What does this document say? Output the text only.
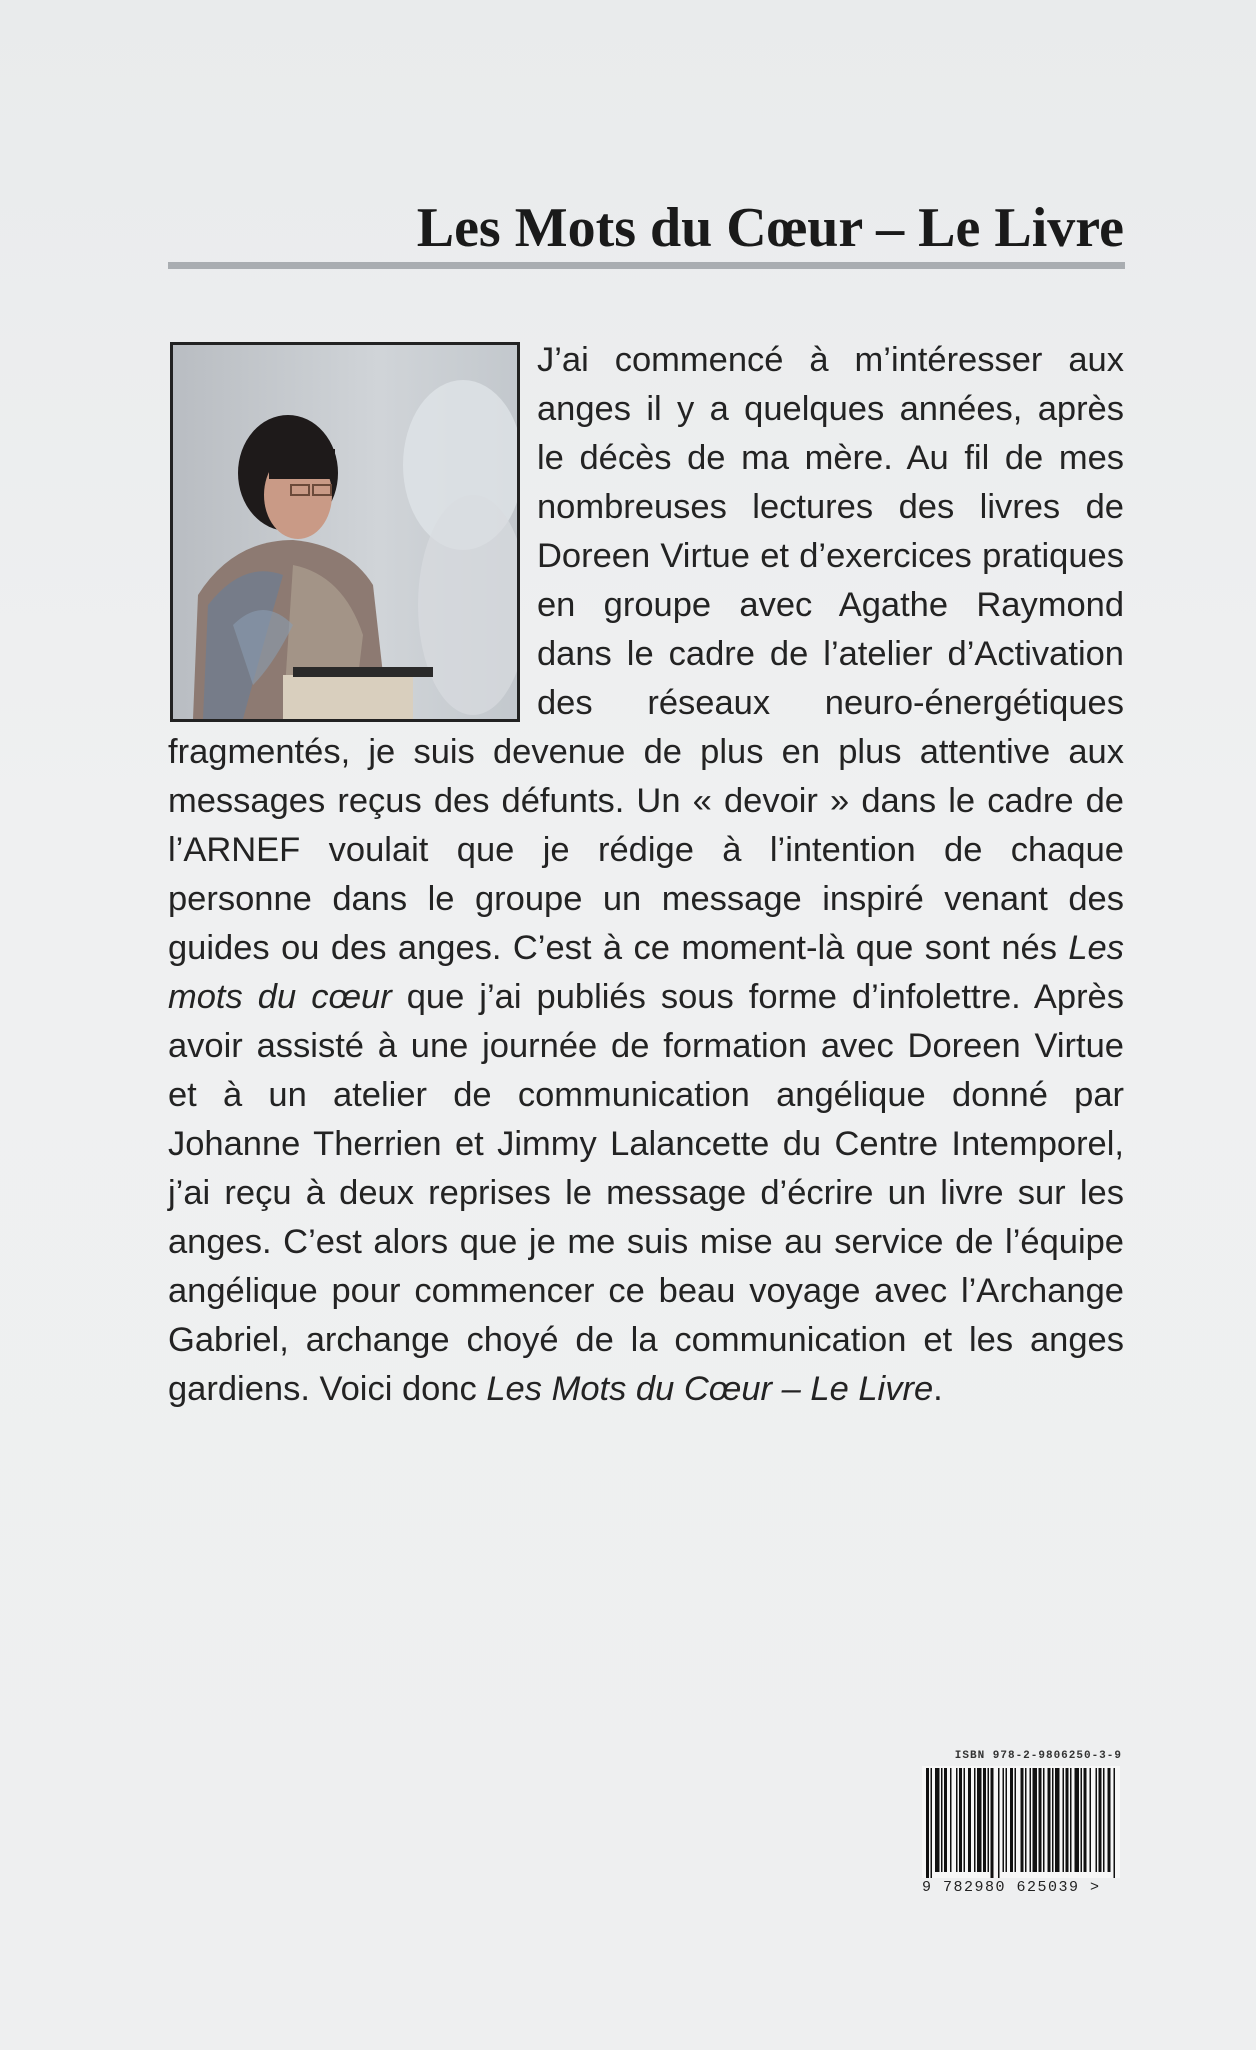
Les Mots du Cœur – Le Livre

J’ai commencé à m’intéresser aux anges il y a quelques années, après le décès de ma mère. Au fil de mes nombreuses lectures des livres de Doreen Virtue et d’exercices pratiques en groupe avec Agathe Raymond dans le cadre de l’atelier d’Activation des réseaux neuro-énergétiques fragmentés, je suis devenue de plus en plus attentive aux messages reçus des défunts. Un « devoir » dans le cadre de l’ARNEF voulait que je rédige à l’intention de chaque personne dans le groupe un message inspiré venant des guides ou des anges. C’est à ce moment-là que sont nés Les mots du cœur que j’ai publiés sous forme d’infolettre. Après avoir assisté à une journée de formation avec Doreen Virtue et à un atelier de communication angélique donné par Johanne Therrien et Jimmy Lalancette du Centre Intemporel, j’ai reçu à deux reprises le message d’écrire un livre sur les anges. C’est alors que je me suis mise au service de l’équipe angélique pour commencer ce beau voyage avec l’Archange Gabriel, archange choyé de la communication et les anges gardiens. Voici donc Les Mots du Cœur – Le Livre.

ISBN 978-2-9806250-3-9
9 782980 625039 >
